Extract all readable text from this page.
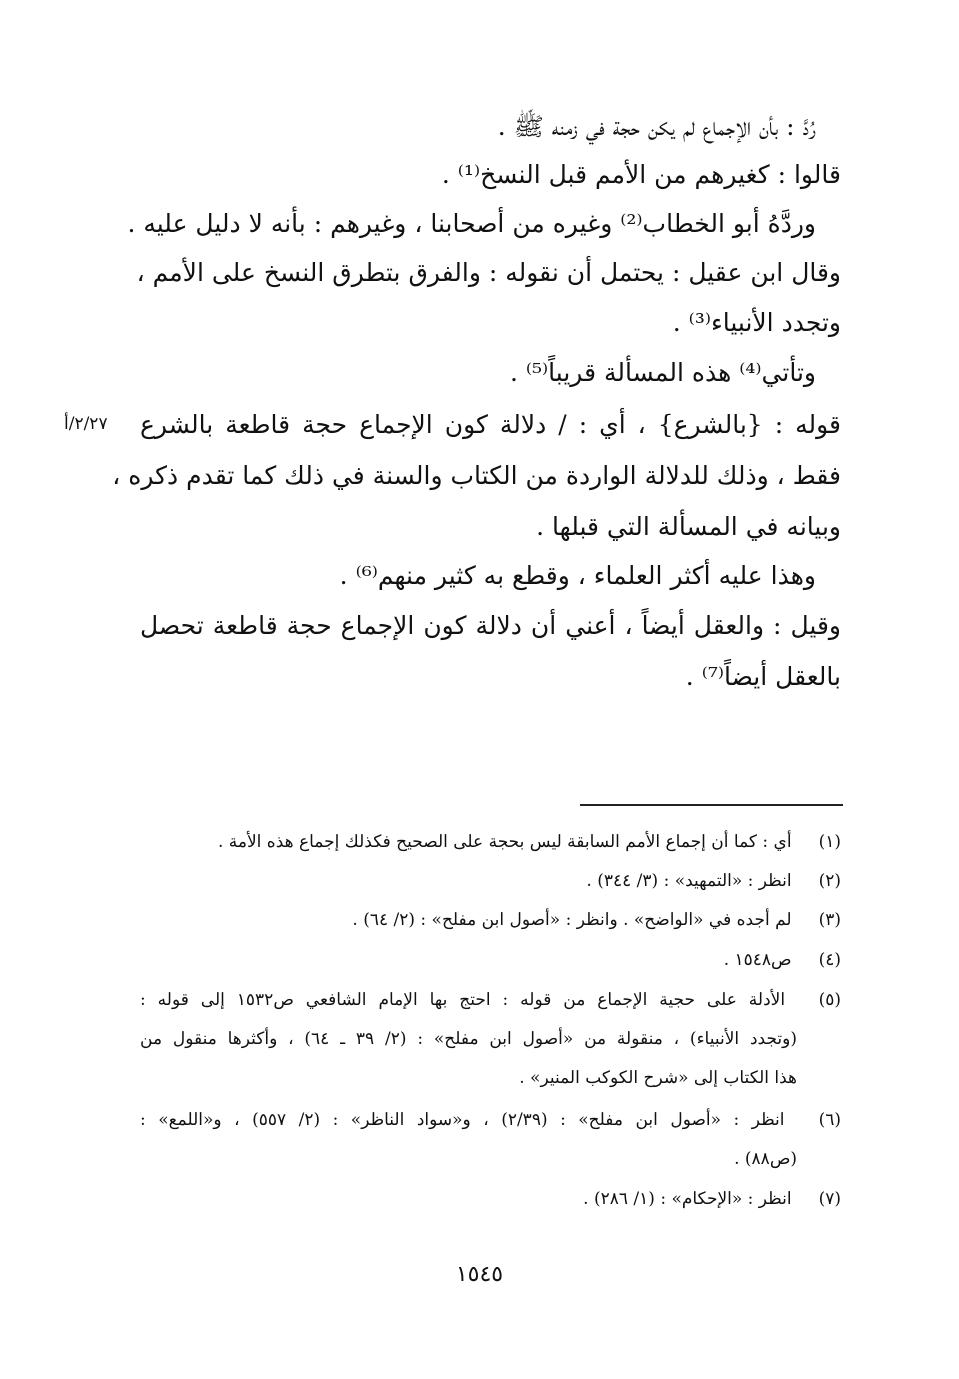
رُدَّ : بأن الإجماع لم يكن حجة في زمنه ﷺ .
قالوا : كغيرهم من الأمم قبل النسخ⁽¹⁾ .
وردَّهُ أبو الخطاب⁽²⁾ وغيره من أصحابنا ، وغيرهم : بأنه لا دليل عليه .
وقال ابن عقيل : يحتمل أن نقوله : والفرق بتطرق النسخ على الأمم ،
وتجدد الأنبياء⁽³⁾ .
وتأتي⁽⁴⁾ هذه المسألة قريباً⁽⁵⁾ .
قوله : {بالشرع} ، أي : / دلالة كون الإجماع حجة قاطعة بالشرع
فقط ، وذلك للدلالة الواردة من الكتاب والسنة في ذلك كما تقدم ذكره ،
وبيانه في المسألة التي قبلها .
وهذا عليه أكثر العلماء ، وقطع به كثير منهم⁽⁶⁾ .
وقيل : والعقل أيضاً ، أعني أن دلالة كون الإجماع حجة قاطعة تحصل
بالعقل أيضاً⁽⁷⁾ .
٢/٢٧/أ
(١) أي : كما أن إجماع الأمم السابقة ليس بحجة على الصحيح فكذلك إجماع هذه الأمة .
(٢) انظر : «التمهيد» : (٣/ ٣٤٤) .
(٣) لم أجده في «الواضح» . وانظر : «أصول ابن مفلح» : (٢/ ٦٤) .
(٤) ص١٥٤٨ .
(٥) الأدلة على حجية الإجماع من قوله : احتج بها الإمام الشافعي ص١٥٣٢ إلى قوله :
(وتجدد الأنبياء) ، منقولة من «أصول ابن مفلح» : (٢/ ٣٩ ـ ٦٤) ، وأكثرها منقول من
هذا الكتاب إلى «شرح الكوكب المنير» .
(٦) انظر : «أصول ابن مفلح» : (٢/٣٩) ، و«سواد الناظر» : (٢/ ٥٥٧) ، و«اللمع» :
(ص٨٨) .
(٧) انظر : «الإحكام» : (١/ ٢٨٦) .
١٥٤٥
